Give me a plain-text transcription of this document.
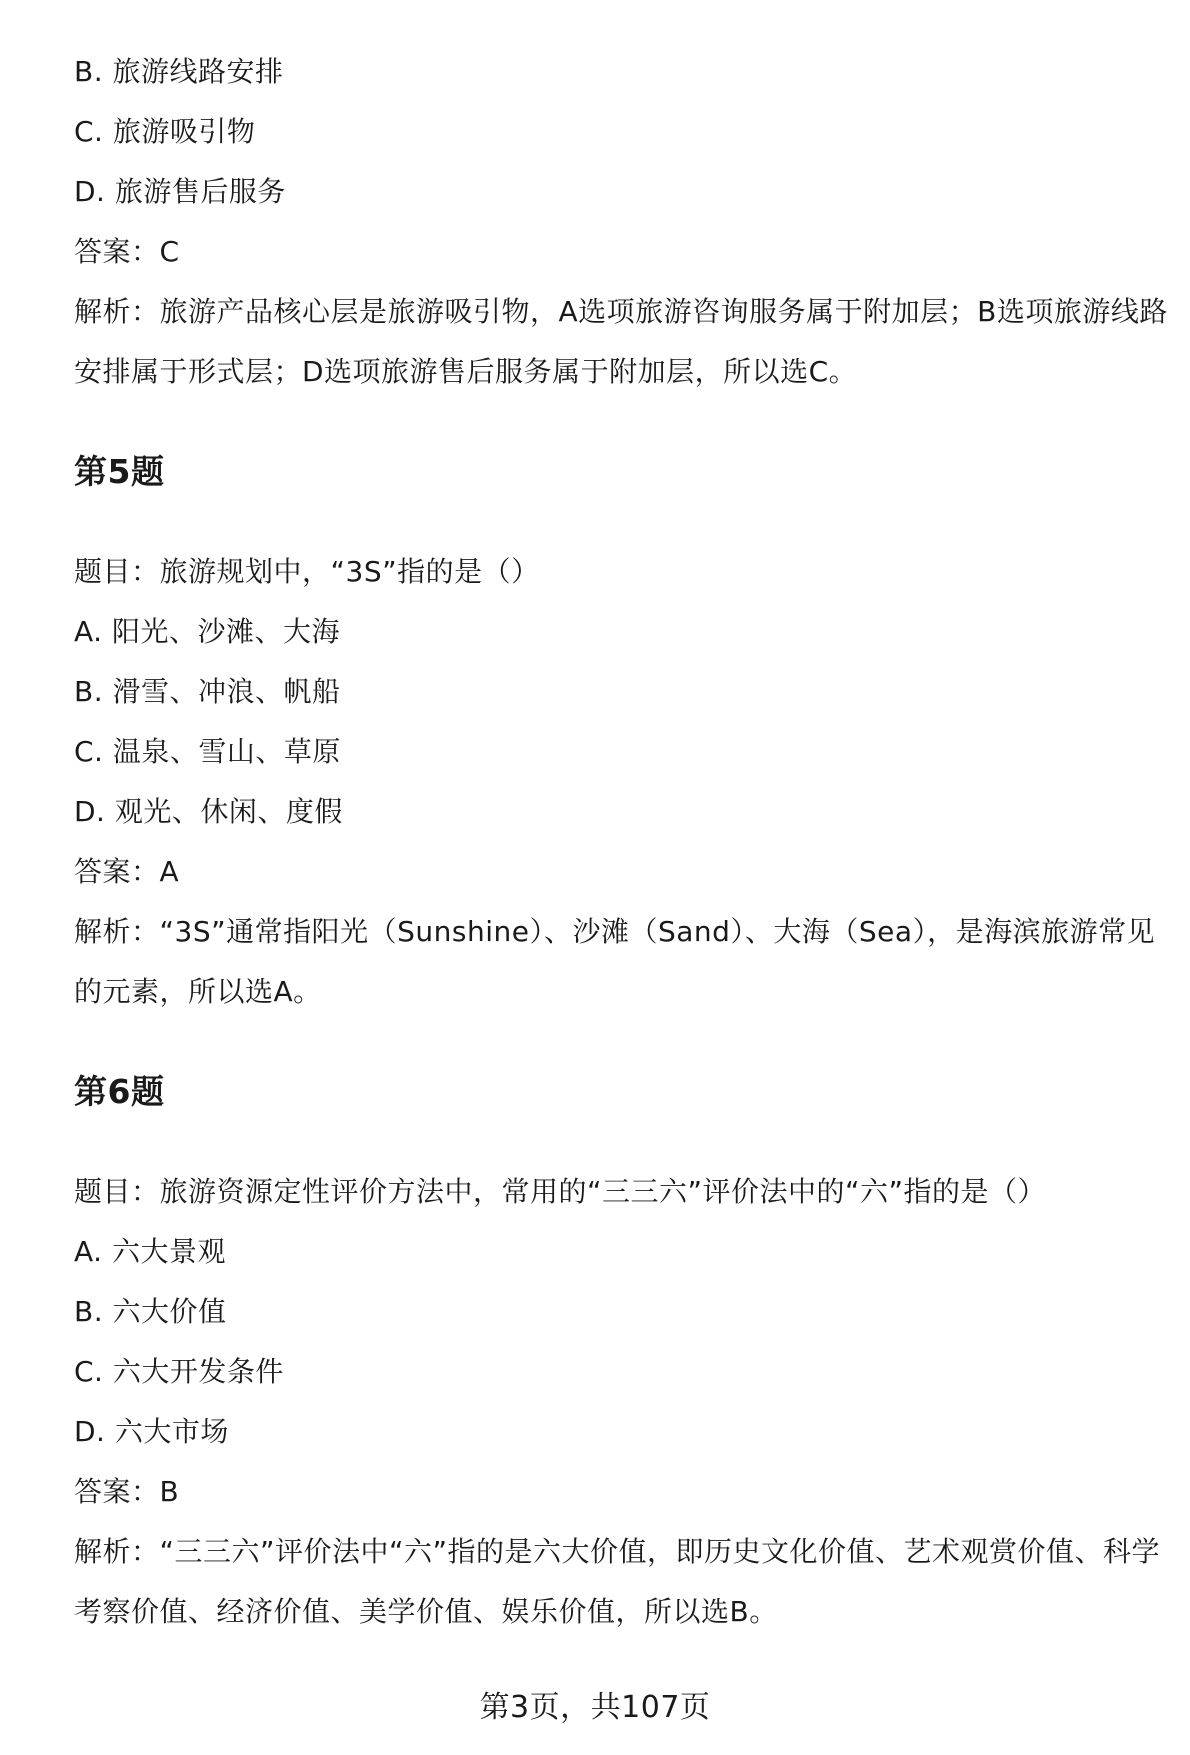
B. 旅游线路安排
C. 旅游吸引物
D. 旅游售后服务
答案：C
解析：旅游产品核心层是旅游吸引物，A选项旅游咨询服务属于附加层；B选项旅游线路安排属于形式层；D选项旅游售后服务属于附加层，所以选C。
第5题
题目：旅游规划中，“3S”指的是（）
A. 阳光、沙滩、大海
B. 滑雪、冲浪、帆船
C. 温泉、雪山、草原
D. 观光、休闲、度假
答案：A
解析：“3S”通常指阳光（Sunshine）、沙滩（Sand）、大海（Sea），是海滨旅游常见的元素，所以选A。
第6题
题目：旅游资源定性评价方法中，常用的“三三六”评价法中的“六”指的是（）
A. 六大景观
B. 六大价值
C. 六大开发条件
D. 六大市场
答案：B
解析：“三三六”评价法中“六”指的是六大价值，即历史文化价值、艺术观赏价值、科学考察价值、经济价值、美学价值、娱乐价值，所以选B。
第3页，共107页
